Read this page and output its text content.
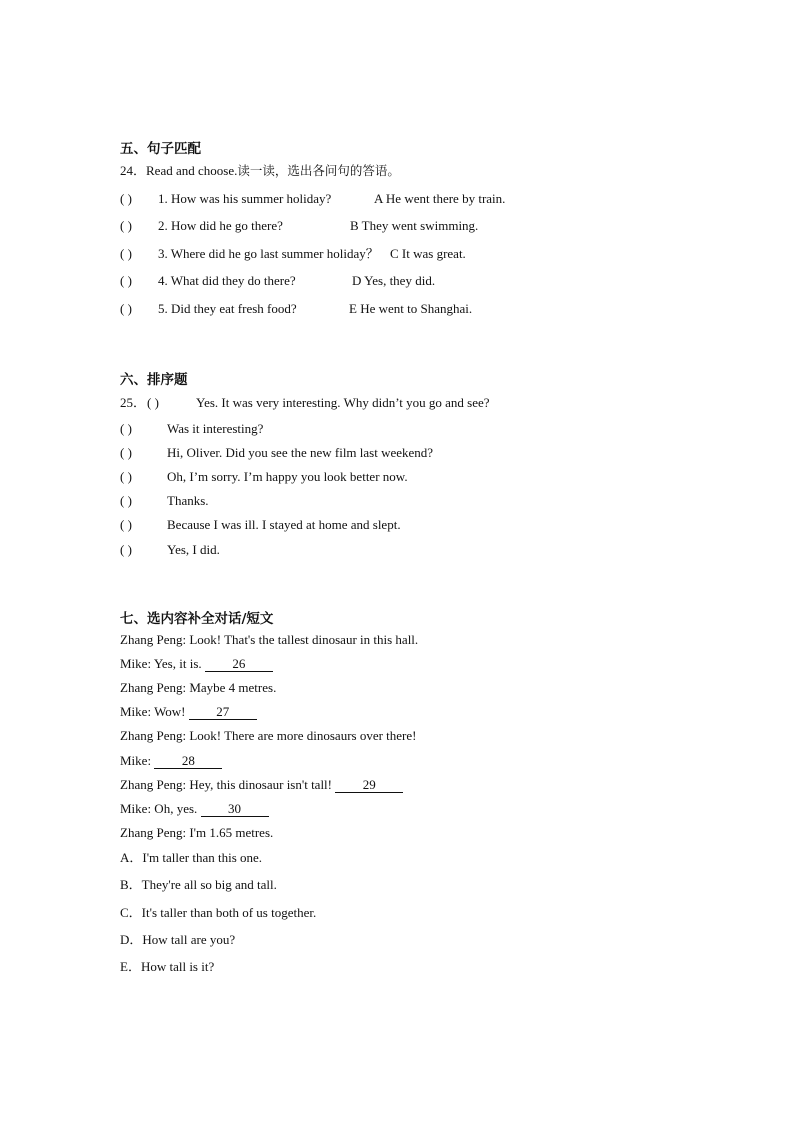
五、句子匹配
24．Read and choose.读一读，选出各问句的答语。
( ) 1. How was his summer holiday?	A He went there by train.
( ) 2. How did he go there?	B They went swimming.
( ) 3. Where did he go last summer holiday？ C It was great.
( ) 4. What did they do there?	D Yes, they did.
( ) 5. Did they eat fresh food?	E He went to Shanghai.
六、排序题
25． ( )	Yes. It was very interesting. Why didn’t you go and see?
( )	Was it interesting?
( )	Hi, Oliver. Did you see the new film last weekend?
( )	Oh, I’m sorry. I’m happy you look better now.
( )	Thanks.
( )	Because I was ill. I stayed at home and slept.
( )	Yes, I did.
七、选内容补全对话/短文
Zhang Peng: Look! That's the tallest dinosaur in this hall.
Mike: Yes, it is. 26
Zhang Peng: Maybe 4 metres.
Mike: Wow! 27
Zhang Peng: Look! There are more dinosaurs over there!
Mike: 28
Zhang Peng: Hey, this dinosaur isn't tall! 29
Mike: Oh, yes. 30
Zhang Peng: I'm 1.65 metres.
A．I'm taller than this one.
B．They're all so big and tall.
C．It's taller than both of us together.
D．How tall are you?
E．How tall is it?
